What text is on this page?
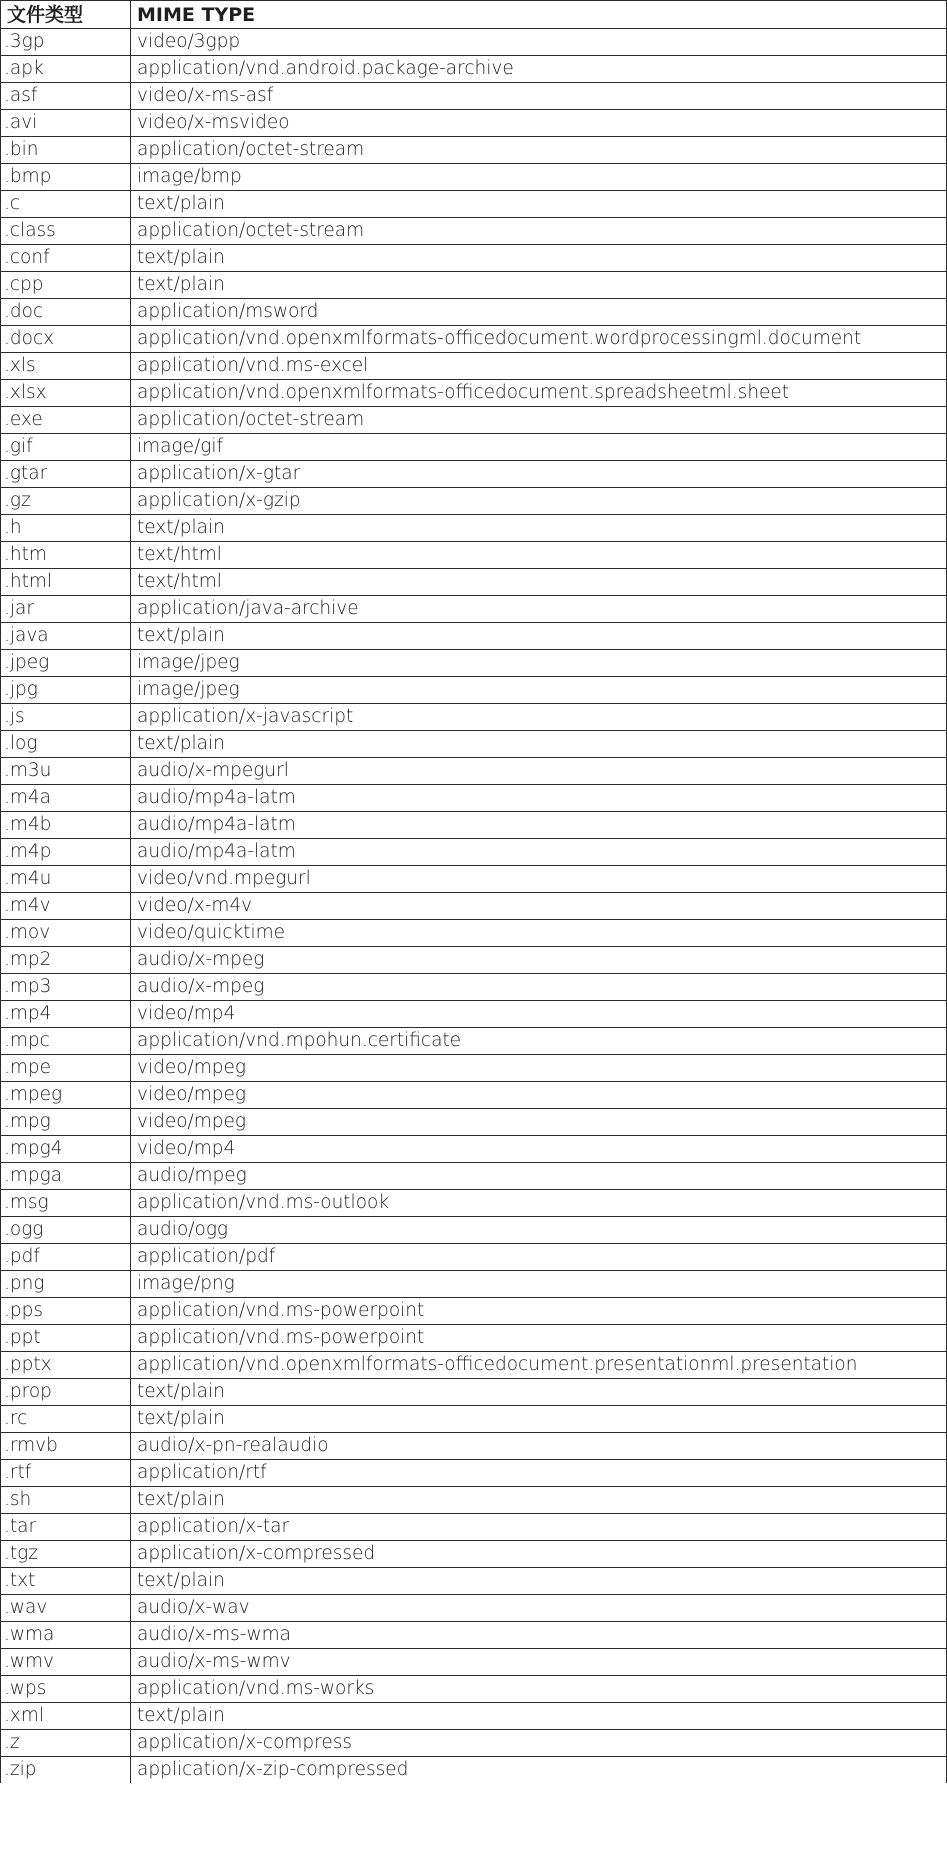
文件类型	MIME TYPE
.3gp	video/3gpp
.apk	application/vnd.android.package-archive
.asf	video/x-ms-asf
.avi	video/x-msvideo
.bin	application/octet-stream
.bmp	image/bmp
.c	text/plain
.class	application/octet-stream
.conf	text/plain
.cpp	text/plain
.doc	application/msword
.docx	application/vnd.openxmlformats-officedocument.wordprocessingml.document
.xls	application/vnd.ms-excel
.xlsx	application/vnd.openxmlformats-officedocument.spreadsheetml.sheet
.exe	application/octet-stream
.gif	image/gif
.gtar	application/x-gtar
.gz	application/x-gzip
.h	text/plain
.htm	text/html
.html	text/html
.jar	application/java-archive
.java	text/plain
.jpeg	image/jpeg
.jpg	image/jpeg
.js	application/x-javascript
.log	text/plain
.m3u	audio/x-mpegurl
.m4a	audio/mp4a-latm
.m4b	audio/mp4a-latm
.m4p	audio/mp4a-latm
.m4u	video/vnd.mpegurl
.m4v	video/x-m4v
.mov	video/quicktime
.mp2	audio/x-mpeg
.mp3	audio/x-mpeg
.mp4	video/mp4
.mpc	application/vnd.mpohun.certificate
.mpe	video/mpeg
.mpeg	video/mpeg
.mpg	video/mpeg
.mpg4	video/mp4
.mpga	audio/mpeg
.msg	application/vnd.ms-outlook
.ogg	audio/ogg
.pdf	application/pdf
.png	image/png
.pps	application/vnd.ms-powerpoint
.ppt	application/vnd.ms-powerpoint
.pptx	application/vnd.openxmlformats-officedocument.presentationml.presentation
.prop	text/plain
.rc	text/plain
.rmvb	audio/x-pn-realaudio
.rtf	application/rtf
.sh	text/plain
.tar	application/x-tar
.tgz	application/x-compressed
.txt	text/plain
.wav	audio/x-wav
.wma	audio/x-ms-wma
.wmv	audio/x-ms-wmv
.wps	application/vnd.ms-works
.xml	text/plain
.z	application/x-compress
.zip	application/x-zip-compressed
